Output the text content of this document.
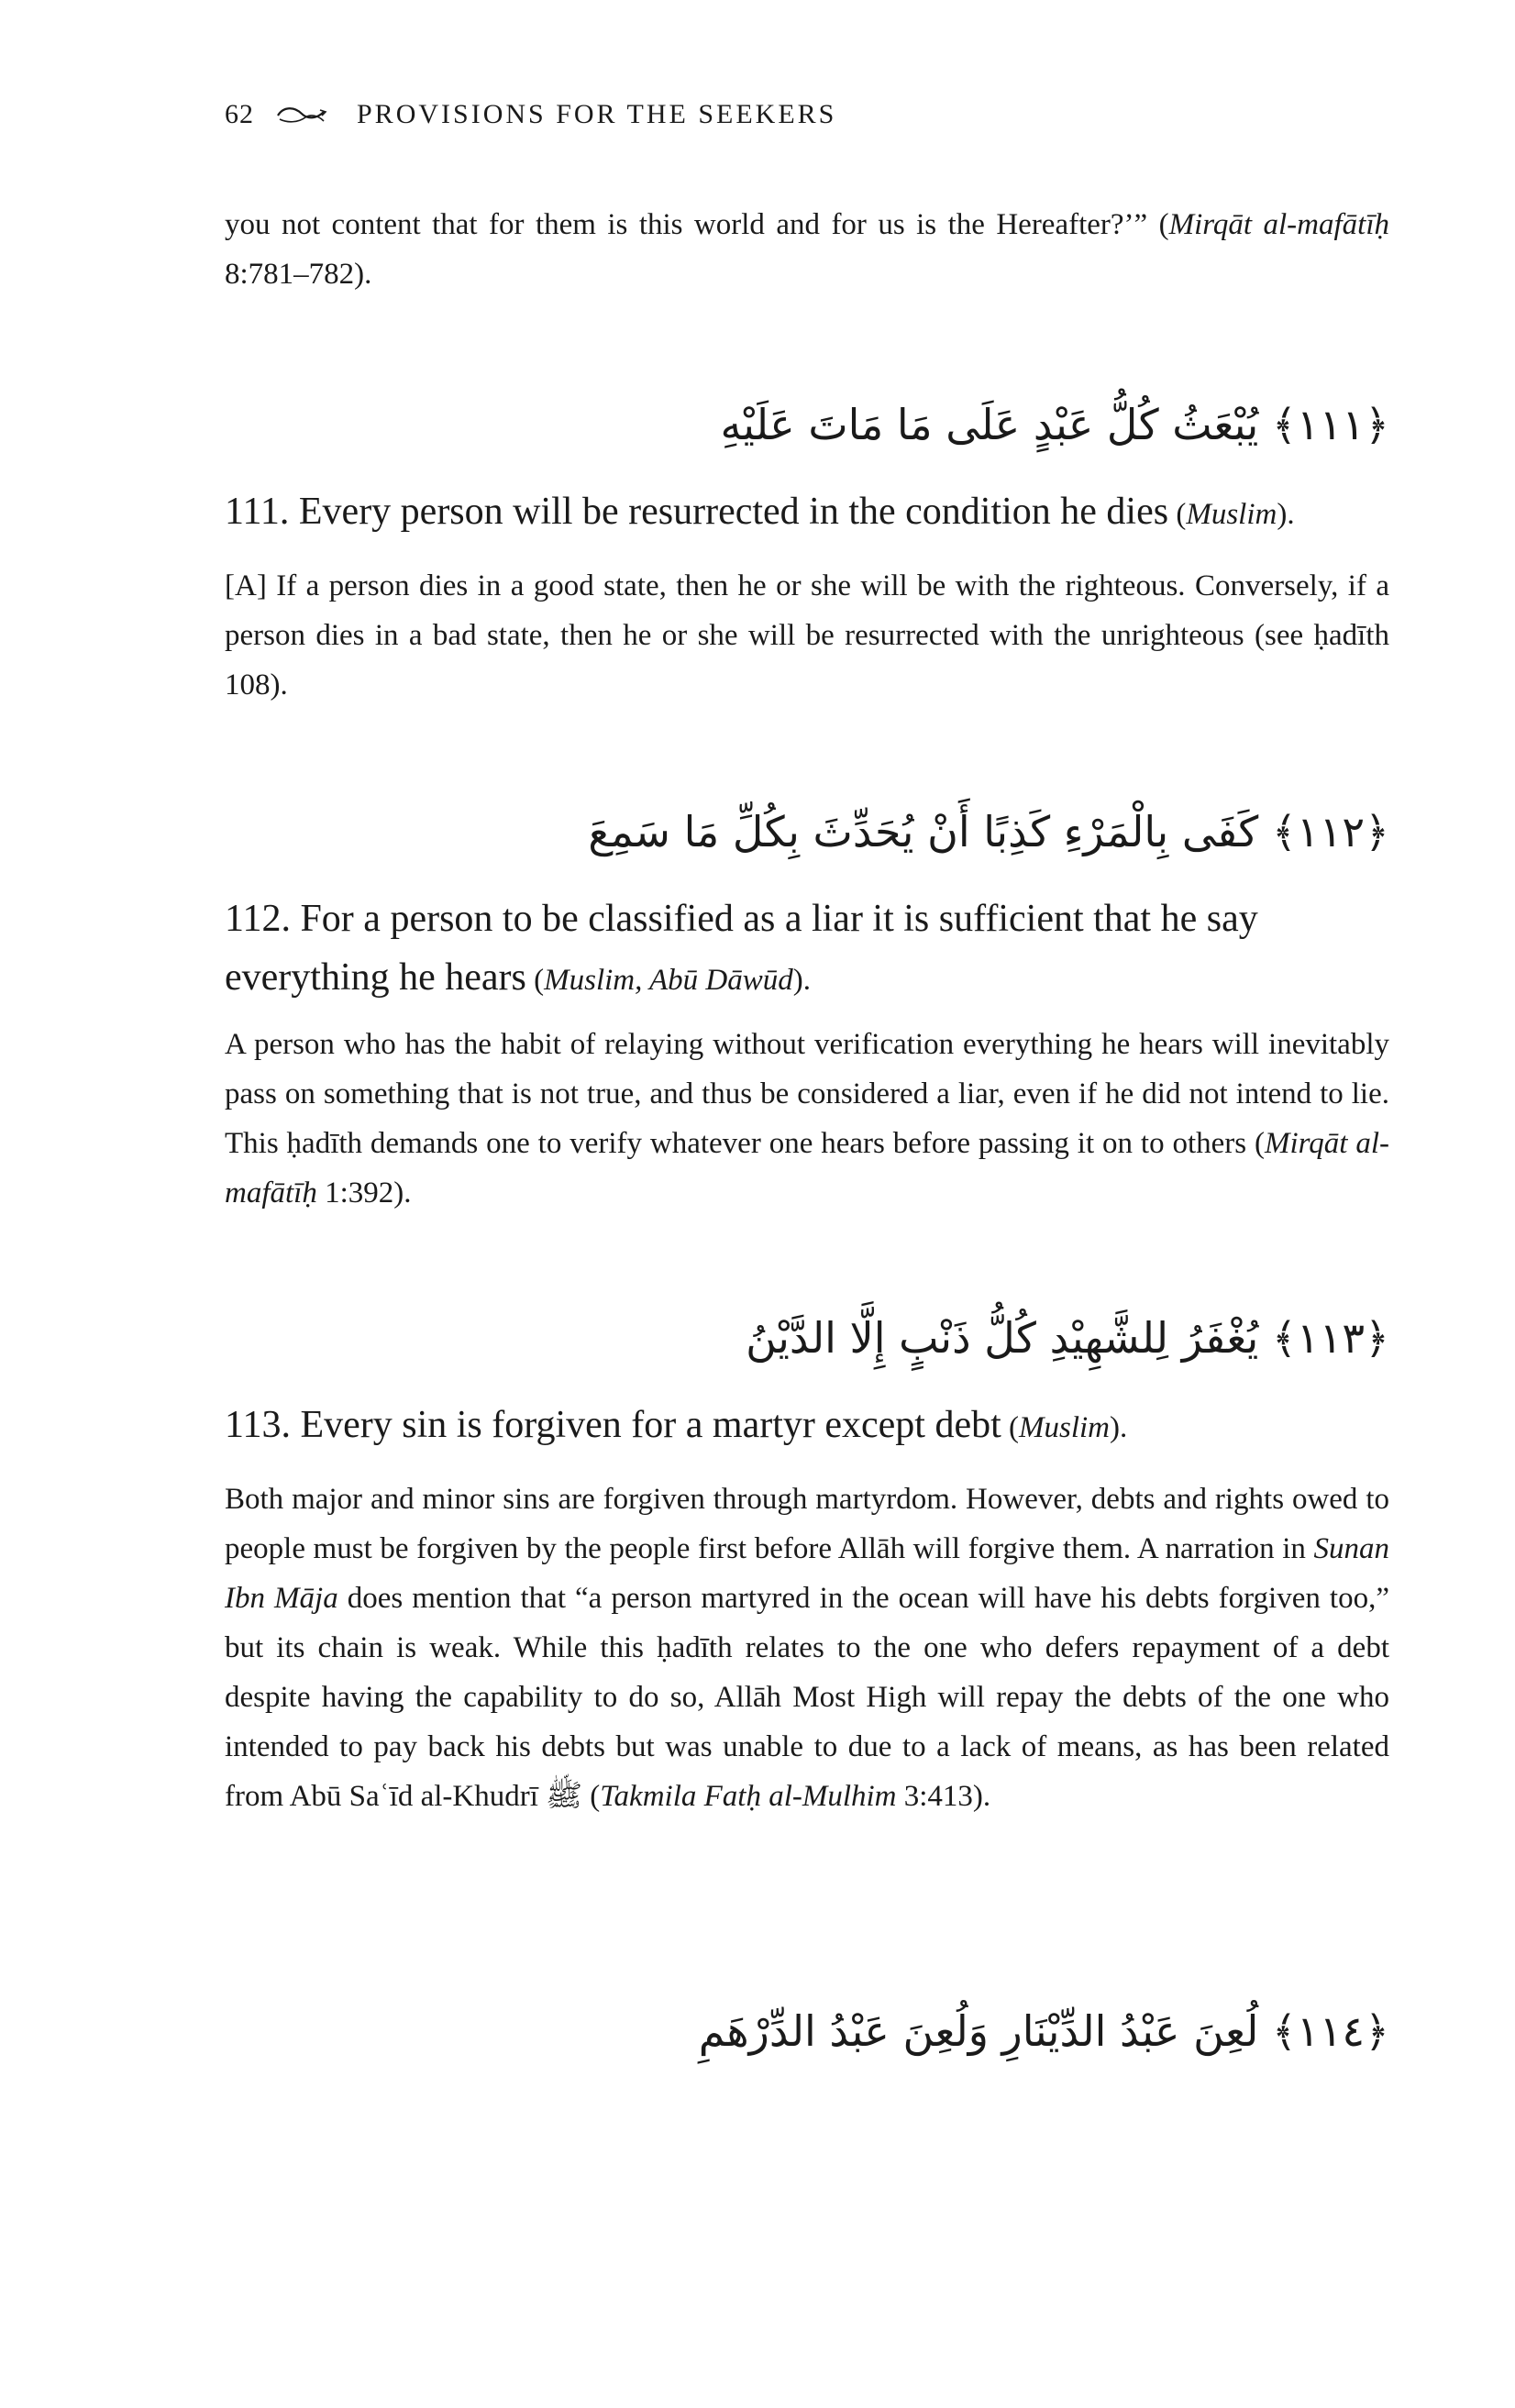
62	PROVISIONS FOR THE SEEKERS

you not content that for them is this world and for us is the Hereafter?’” (Mirqāt al-mafātīḥ 8:781–782).

﴿١١١﴾ يُبْعَثُ كُلُّ عَبْدٍ عَلَى مَا مَاتَ عَلَيْهِ

111. Every person will be resurrected in the condition he dies (Muslim).

[A] If a person dies in a good state, then he or she will be with the righteous. Conversely, if a person dies in a bad state, then he or she will be resurrected with the unrighteous (see ḥadīth 108).

﴿١١٢﴾ كَفَى بِالْمَرْءِ كَذِبًا أَنْ يُحَدِّثَ بِكُلِّ مَا سَمِعَ

112. For a person to be classified as a liar it is sufficient that he say everything he hears (Muslim, Abū Dāwūd).

A person who has the habit of relaying without verification everything he hears will inevitably pass on something that is not true, and thus be considered a liar, even if he did not intend to lie. This ḥadīth demands one to verify whatever one hears before passing it on to others (Mirqāt al-mafātīḥ 1:392).

﴿١١٣﴾ يُغْفَرُ لِلشَّهِيْدِ كُلُّ ذَنْبٍ إِلَّا الدَّيْنُ

113. Every sin is forgiven for a martyr except debt (Muslim).

Both major and minor sins are forgiven through martyrdom. However, debts and rights owed to people must be forgiven by the people first before Allāh will forgive them. A narration in Sunan Ibn Māja does mention that “a person martyred in the ocean will have his debts forgiven too,” but its chain is weak. While this ḥadīth relates to the one who defers repayment of a debt despite having the capability to do so, Allāh Most High will repay the debts of the one who intended to pay back his debts but was unable to due to a lack of means, as has been related from Abū Saʿīd al-Khudrī ﷺ (Takmila Fatḥ al-Mulhim 3:413).

﴿١١٤﴾ لُعِنَ عَبْدُ الدِّيْنَارِ وَلُعِنَ عَبْدُ الدِّرْهَمِ
